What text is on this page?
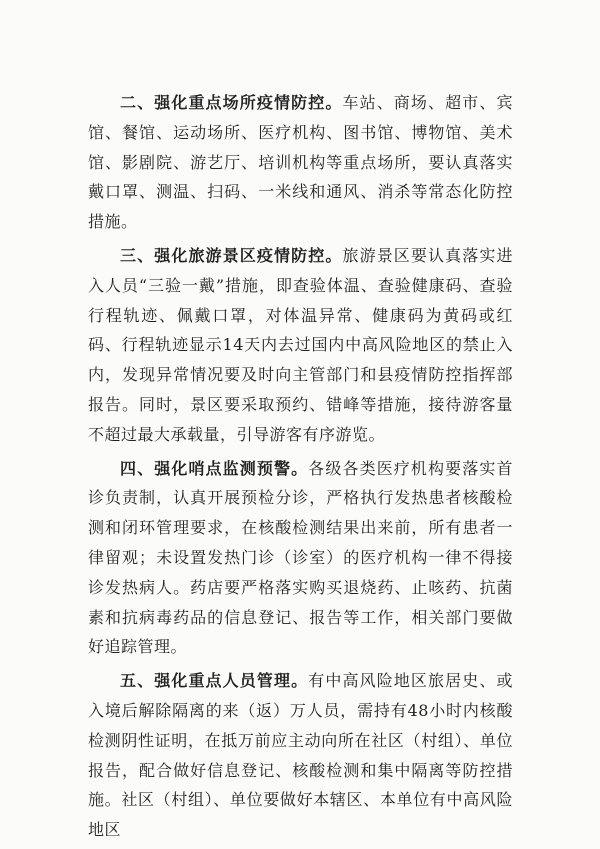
二、强化重点场所疫情防控。车站、商场、超市、宾馆、餐馆、运动场所、医疗机构、图书馆、博物馆、美术馆、影剧院、游艺厅、培训机构等重点场所，要认真落实戴口罩、测温、扫码、一米线和通风、消杀等常态化防控措施。

三、强化旅游景区疫情防控。旅游景区要认真落实进入人员“三验一戴”措施，即查验体温、查验健康码、查验行程轨迹、佩戴口罩，对体温异常、健康码为黄码或红码、行程轨迹显示14天内去过国内中高风险地区的禁止入内，发现异常情况要及时向主管部门和县疫情防控指挥部报告。同时，景区要采取预约、错峰等措施，接待游客量不超过最大承载量，引导游客有序游览。

四、强化哨点监测预警。各级各类医疗机构要落实首诊负责制，认真开展预检分诊，严格执行发热患者核酸检测和闭环管理要求，在核酸检测结果出来前，所有患者一律留观；未设置发热门诊（诊室）的医疗机构一律不得接诊发热病人。药店要严格落实购买退烧药、止咳药、抗菌素和抗病毒药品的信息登记、报告等工作，相关部门要做好追踪管理。

五、强化重点人员管理。有中高风险地区旅居史、或入境后解除隔离的来（返）万人员，需持有48小时内核酸检测阴性证明，在抵万前应主动向所在社区（村组）、单位报告，配合做好信息登记、核酸检测和集中隔离等防控措施。社区（村组）、单位要做好本辖区、本单位有中高风险地区
